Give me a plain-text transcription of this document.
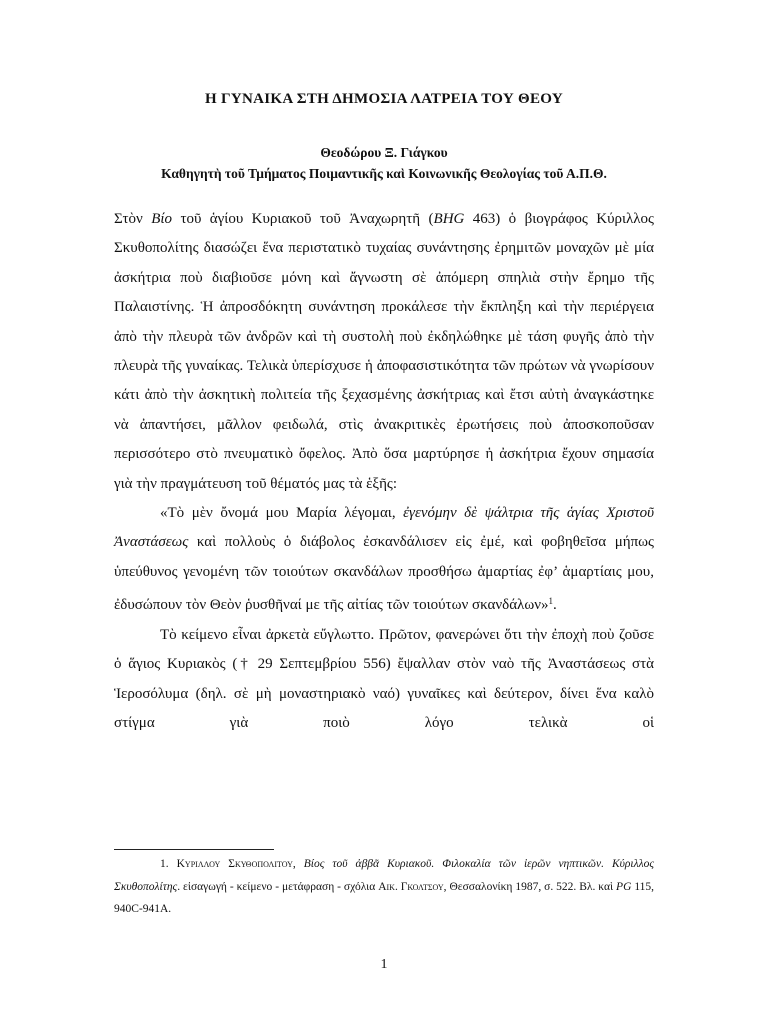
Η ΓΥΝΑΙΚΑ ΣΤΗ ΔΗΜΟΣΙΑ ΛΑΤΡΕΙΑ ΤΟΥ ΘΕΟΥ
Θεοδώρου Ξ. Γιάγκου
Καθηγητὴ τοῦ Τμήματος Ποιμαντικῆς καὶ Κοινωνικῆς Θεολογίας τοῦ Α.Π.Θ.

Στὸν Βίο τοῦ ἁγίου Κυριακοῦ τοῦ Ἀναχωρητῆ (BHG 463) ὁ βιογράφος Κύριλλος Σκυθοπολίτης διασώζει ἕνα περιστατικὸ τυχαίας συνάντησης ἐρημιτῶν μοναχῶν μὲ μία ἀσκήτρια ποὺ διαβιοῦσε μόνη καὶ ἄγνωστη σὲ ἀπόμερη σπηλιὰ στὴν ἔρημο τῆς Παλαιστίνης. Ἡ ἀπροσδόκητη συνάντηση προκάλεσε τὴν ἔκπληξη καὶ τὴν περιέργεια ἀπὸ τὴν πλευρὰ τῶν ἀνδρῶν καὶ τὴ συστολὴ ποὺ ἐκδηλώθηκε μὲ τάση φυγῆς ἀπὸ τὴν πλευρὰ τῆς γυναίκας. Τελικὰ ὑπερίσχυσε ἡ ἀποφασιστικότητα τῶν πρώτων νὰ γνωρίσουν κάτι ἀπὸ τὴν ἀσκητικὴ πολιτεία τῆς ξεχασμένης ἀσκήτριας καὶ ἔτσι αὐτὴ ἀναγκάστηκε νὰ ἀπαντήσει, μᾶλλον φειδωλά, στὶς ἀνακριτικὲς ἐρωτήσεις ποὺ ἀποσκοποῦσαν περισσότερο στὸ πνευματικὸ ὄφελος. Ἀπὸ ὅσα μαρτύρησε ἡ ἀσκήτρια ἔχουν σημασία γιὰ τὴν πραγμάτευση τοῦ θέματός μας τὰ ἑξῆς:

«Τὸ μὲν ὄνομά μου Μαρία λέγομαι, ἐγενόμην δὲ ψάλτρια τῆς ἁγίας Χριστοῦ Ἀναστάσεως καὶ πολλοὺς ὁ διάβολος ἐσκανδάλισεν εἰς ἐμέ, καὶ φοβηθεῖσα μήπως ὑπεύθυνος γενομένη τῶν τοιούτων σκανδάλων προσθήσω ἁμαρτίας ἐφ’ ἁμαρτίαις μου, ἐδυσώπουν τὸν Θεὸν ῥυσθῆναί με τῆς αἰτίας τῶν τοιούτων σκανδάλων»$^1$.

Τὸ κείμενο εἶναι ἀρκετὰ εὔγλωττο. Πρῶτον, φανερώνει ὅτι τὴν ἐποχὴ ποὺ ζοῦσε ὁ ἅγιος Κυριακὸς († 29 Σεπτεμβρίου 556) ἔψαλλαν στὸν ναὸ τῆς Ἀναστάσεως στὰ Ἱεροσόλυμα (δηλ. σὲ μὴ μοναστηριακὸ ναό) γυναῖκες καὶ δεύτερον, δίνει ἕνα καλὸ στίγμα γιὰ ποιὸ λόγο τελικὰ οἱ

1. Κυριλλου Σκυθοπολιτου, Βίος τοῦ ἀββᾶ Κυριακοῦ. Φιλοκαλία τῶν ἱερῶν νηπτικῶν. Κύριλλος Σκυθοπολίτης. εἰσαγωγή - κείμενο - μετάφραση - σχόλια Αικ. Γκολτσου, Θεσσαλονίκη 1987, σ. 522. Βλ. καὶ PG 115, 940C-941A.

1
